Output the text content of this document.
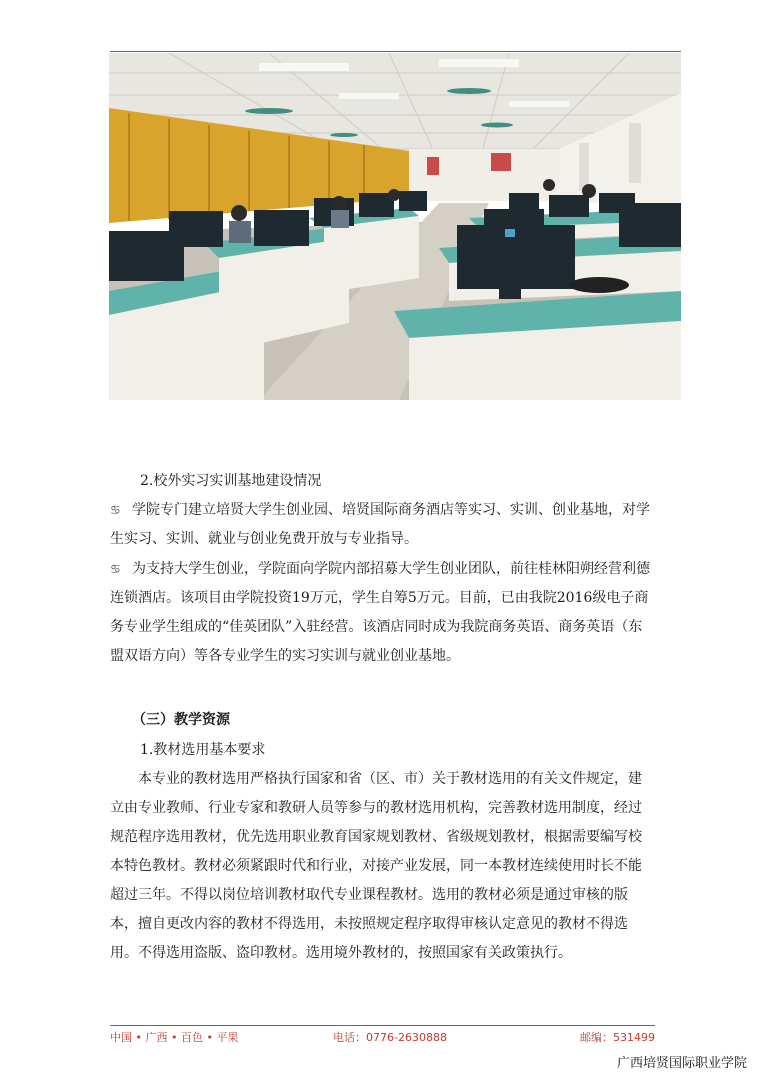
2.校外实习实训基地建设情况

♋ 学院专门建立培贤大学生创业园、培贤国际商务酒店等实习、实训、创业基地，对学生实习、实训、就业与创业免费开放与专业指导。

♋ 为支持大学生创业，学院面向学院内部招募大学生创业团队，前往桂林阳朔经营利德连锁酒店。该项目由学院投资19万元，学生自筹5万元。目前，已由我院2016级电子商务专业学生组成的“佳英团队”入驻经营。该酒店同时成为我院商务英语、商务英语（东盟双语方向）等各专业学生的实习实训与就业创业基地。

（三）教学资源
1.教材选用基本要求

本专业的教材选用严格执行国家和省（区、市）关于教材选用的有关文件规定，建立由专业教师、行业专家和教研人员等参与的教材选用机构，完善教材选用制度，经过规范程序选用教材，优先选用职业教育国家规划教材、省级规划教材，根据需要编写校本特色教材。教材必须紧跟时代和行业，对接产业发展，同一本教材连续使用时长不能超过三年。不得以岗位培训教材取代专业课程教材。选用的教材必须是通过审核的版本，擅自更改内容的教材不得选用，未按照规定程序取得审核认定意见的教材不得选用。不得选用盗版、盗印教材。选用境外教材的，按照国家有关政策执行。

中国 • 广西 • 百色 • 平果	电话：0776-2630888	邮编：531499
广西培贤国际职业学院
